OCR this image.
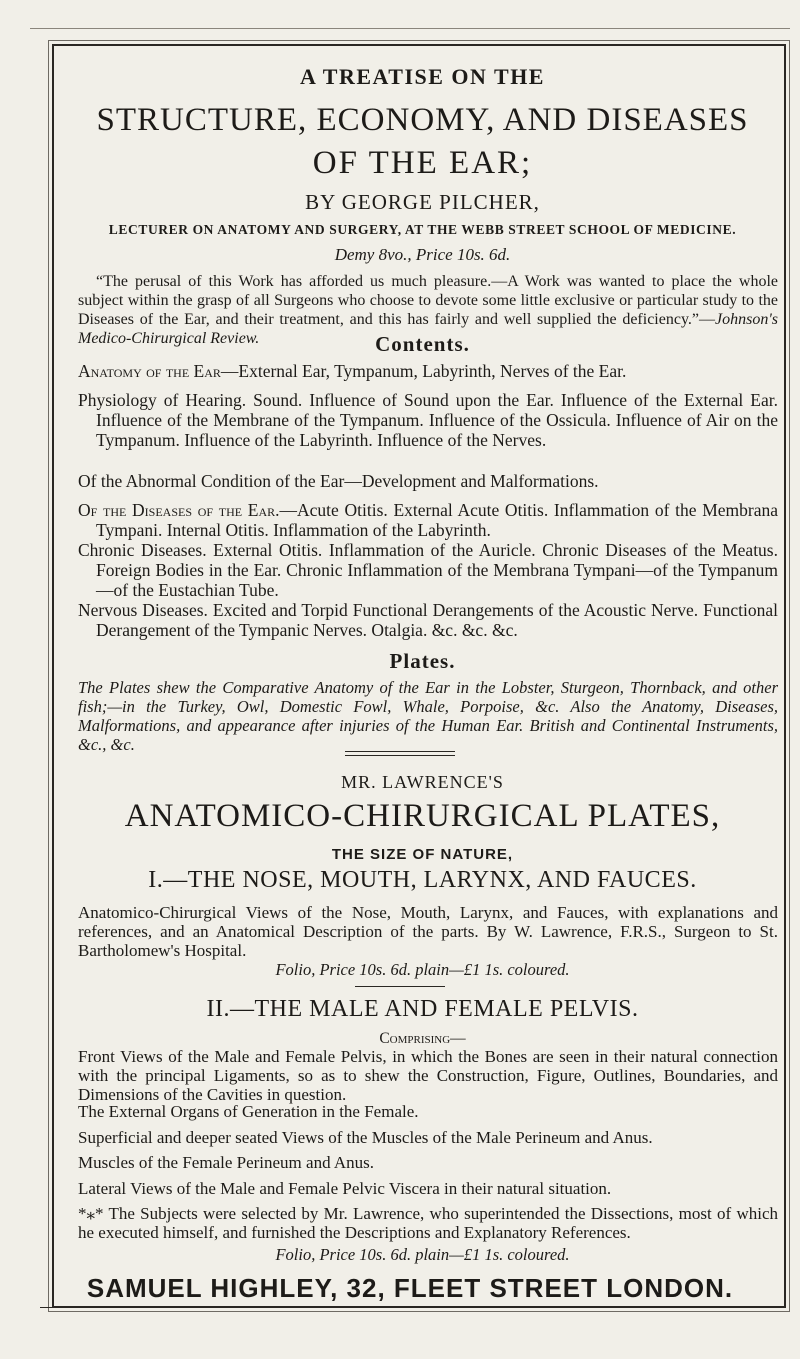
A TREATISE ON THE
STRUCTURE, ECONOMY, AND DISEASES
OF THE EAR;
BY GEORGE PILCHER,
LECTURER ON ANATOMY AND SURGERY, AT THE WEBB STREET SCHOOL OF MEDICINE.
Demy 8vo., Price 10s. 6d.
“The perusal of this Work has afforded us much pleasure.—A Work was wanted to place the whole subject within the grasp of all Surgeons who choose to devote some little exclusive or particular study to the Diseases of the Ear, and their treatment, and this has fairly and well supplied the deficiency.”—Johnson's Medico-Chirurgical Review.	Contents.

Anatomy of the Ear—External Ear, Tympanum, Labyrinth, Nerves of the Ear.

Physiology of Hearing. Sound. Influence of Sound upon the Ear. Influence of the External Ear. Influence of the Membrane of the Tympanum. Influence of the Ossicula. Influence of Air on the Tympanum. Influence of the Labyrinth. Influence of the Nerves.

Of the Abnormal Condition of the Ear—Development and Malformations.

Of the Diseases of the Ear.—Acute Otitis. External Acute Otitis. Inflammation of the Membrana Tympani. Internal Otitis. Inflammation of the Labyrinth.

Chronic Diseases. External Otitis. Inflammation of the Auricle. Chronic Diseases of the Meatus. Foreign Bodies in the Ear. Chronic Inflammation of the Membrana Tympani—of the Tympanum—of the Eustachian Tube.

Nervous Diseases. Excited and Torpid Functional Derangements of the Acoustic Nerve. Functional Derangement of the Tympanic Nerves. Otalgia. &c. &c. &c.

Plates.
The Plates shew the Comparative Anatomy of the Ear in the Lobster, Sturgeon, Thornback, and other fish;—in the Turkey, Owl, Domestic Fowl, Whale, Porpoise, &c. Also the Anatomy, Diseases, Malformations, and appearance after injuries of the Human Ear. British and Continental Instruments, &c., &c.
MR. LAWRENCE'S
ANATOMICO-CHIRURGICAL PLATES,
THE SIZE OF NATURE,
I.—THE NOSE, MOUTH, LARYNX, AND FAUCES.
Anatomico-Chirurgical Views of the Nose, Mouth, Larynx, and Fauces, with explanations and references, and an Anatomical Description of the parts. By W. Lawrence, F.R.S., Surgeon to St. Bartholomew's Hospital.
Folio, Price 10s. 6d. plain—£1 1s. coloured.
II.—THE MALE AND FEMALE PELVIS.
Comprising—
Front Views of the Male and Female Pelvis, in which the Bones are seen in their natural connection with the principal Ligaments, so as to shew the Construction, Figure, Outlines, Boundaries, and Dimensions of the Cavities in question.
The External Organs of Generation in the Female.
Superficial and deeper seated Views of the Muscles of the Male Perineum and Anus.
Muscles of the Female Perineum and Anus.
Lateral Views of the Male and Female Pelvic Viscera in their natural situation.
*⁎* The Subjects were selected by Mr. Lawrence, who superintended the Dissections, most of which he executed himself, and furnished the Descriptions and Explanatory References.
Folio, Price 10s. 6d. plain—£1 1s. coloured.
SAMUEL HIGHLEY, 32, FLEET STREET LONDON.
